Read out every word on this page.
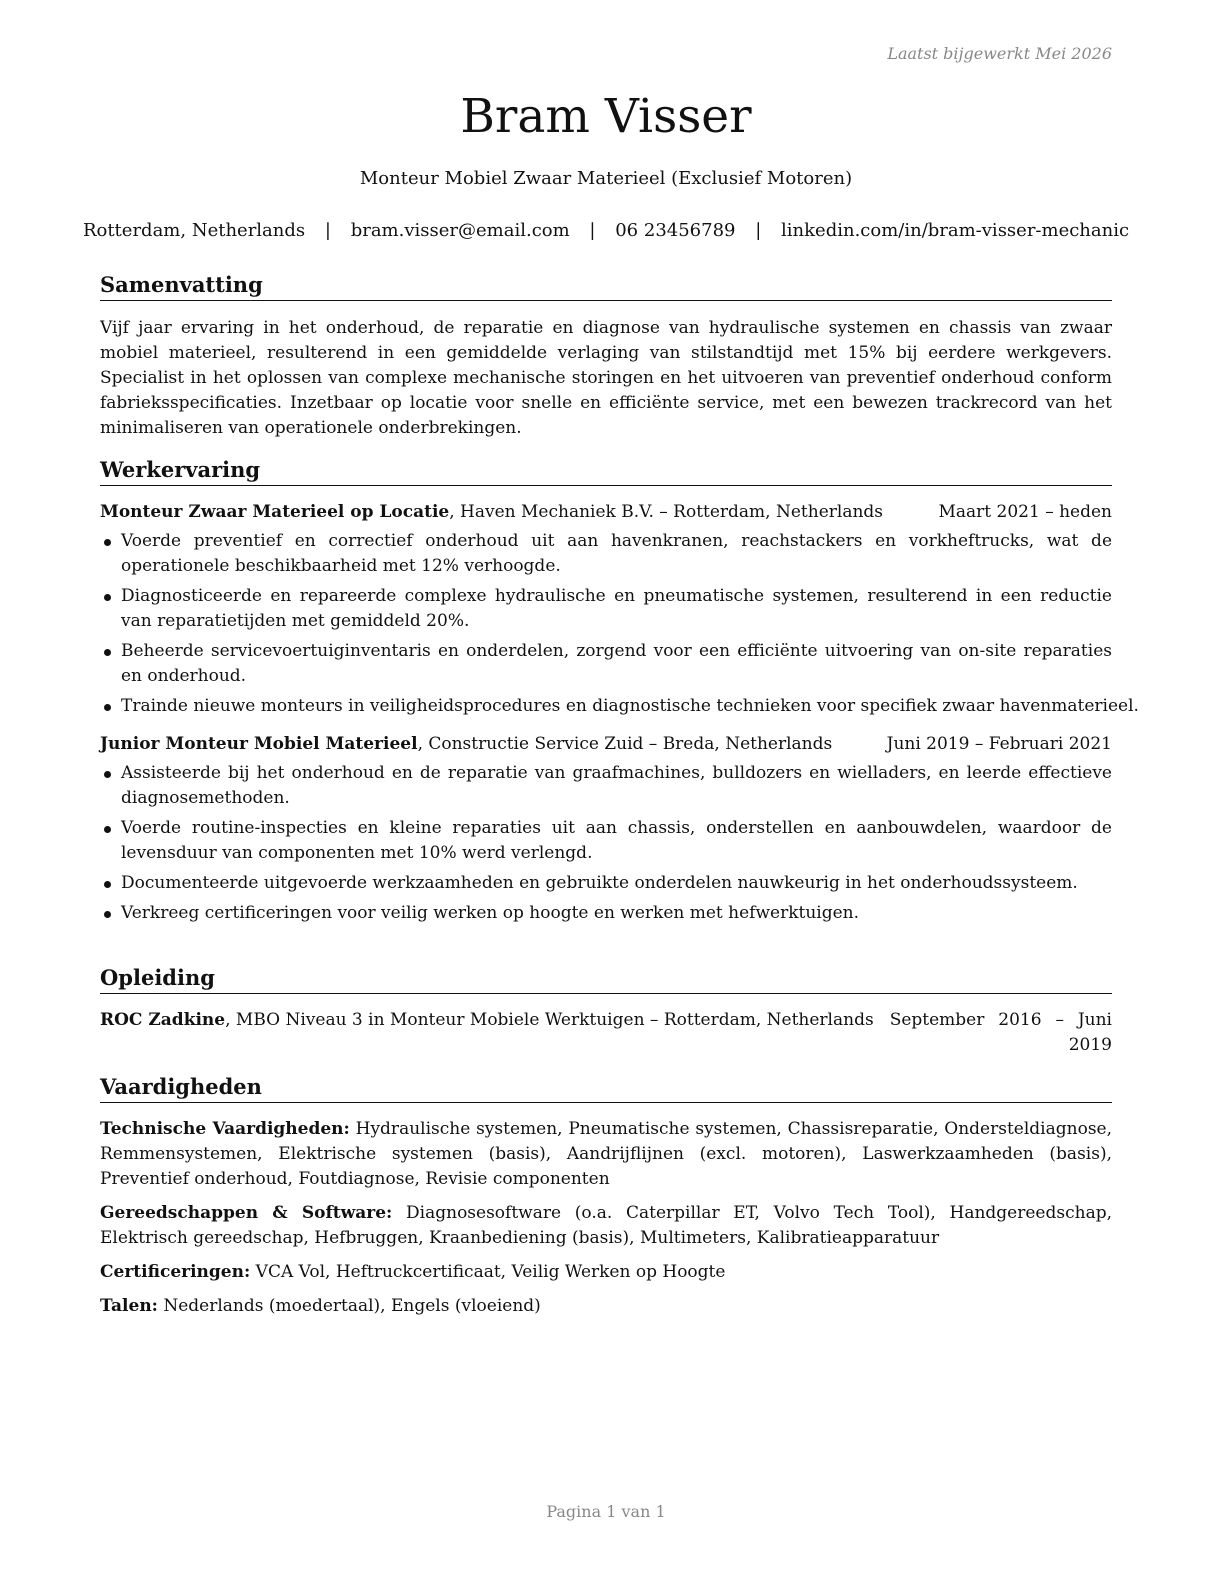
Laatst bijgewerkt Mei 2026
Bram Visser
Monteur Mobiel Zwaar Materieel (Exclusief Motoren)
Rotterdam, Netherlands | bram.visser@email.com | 06 23456789 | linkedin.com/in/bram-visser-mechanic
Samenvatting
Vijf jaar ervaring in het onderhoud, de reparatie en diagnose van hydraulische systemen en chassis van zwaar mobiel materieel, resulterend in een gemiddelde verlaging van stilstandtijd met 15% bij eerdere werkgevers. Specialist in het oplossen van complexe mechanische storingen en het uitvoeren van preventief onderhoud conform fabrieksspecificaties. Inzetbaar op locatie voor snelle en efficiënte service, met een bewezen trackrecord van het minimaliseren van operationele onderbrekingen.
Werkervaring
Monteur Zwaar Materieel op Locatie, Haven Mechaniek B.V. – Rotterdam, Netherlands	Maart 2021 – heden
Voerde preventief en correctief onderhoud uit aan havenkranen, reachstackers en vorkheftrucks, wat de operationele beschikbaarheid met 12% verhoogde.
Diagnosticeerde en repareerde complexe hydraulische en pneumatische systemen, resulterend in een reductie van reparatietijden met gemiddeld 20%.
Beheerde servicevoertuiginventaris en onderdelen, zorgend voor een efficiënte uitvoering van on-site reparaties en onderhoud.
Trainde nieuwe monteurs in veiligheidsprocedures en diagnostische technieken voor specifiek zwaar havenmaterieel.
Junior Monteur Mobiel Materieel, Constructie Service Zuid – Breda, Netherlands	Juni 2019 – Februari 2021
Assisteerde bij het onderhoud en de reparatie van graafmachines, bulldozers en wielladers, en leerde effectieve diagnosemethoden.
Voerde routine-inspecties en kleine reparaties uit aan chassis, onderstellen en aanbouwdelen, waardoor de levensduur van componenten met 10% werd verlengd.
Documenteerde uitgevoerde werkzaamheden en gebruikte onderdelen nauwkeurig in het onderhoudssysteem.
Verkreeg certificeringen voor veilig werken op hoogte en werken met hefwerktuigen.
Opleiding
ROC Zadkine, MBO Niveau 3 in Monteur Mobiele Werktuigen – Rotterdam, Netherlands September 2016 – Juni 2019
Vaardigheden
Technische Vaardigheden: Hydraulische systemen, Pneumatische systemen, Chassisreparatie, Ondersteldiagnose, Remmensystemen, Elektrische systemen (basis), Aandrijflijnen (excl. motoren), Laswerkzaamheden (basis), Preventief onderhoud, Foutdiagnose, Revisie componenten
Gereedschappen & Software: Diagnosesoftware (o.a. Caterpillar ET, Volvo Tech Tool), Handgereedschap, Elektrisch gereedschap, Hefbruggen, Kraanbediening (basis), Multimeters, Kalibratieapparatuur
Certificeringen: VCA Vol, Heftruckcertificaat, Veilig Werken op Hoogte
Talen: Nederlands (moedertaal), Engels (vloeiend)
Pagina 1 van 1
